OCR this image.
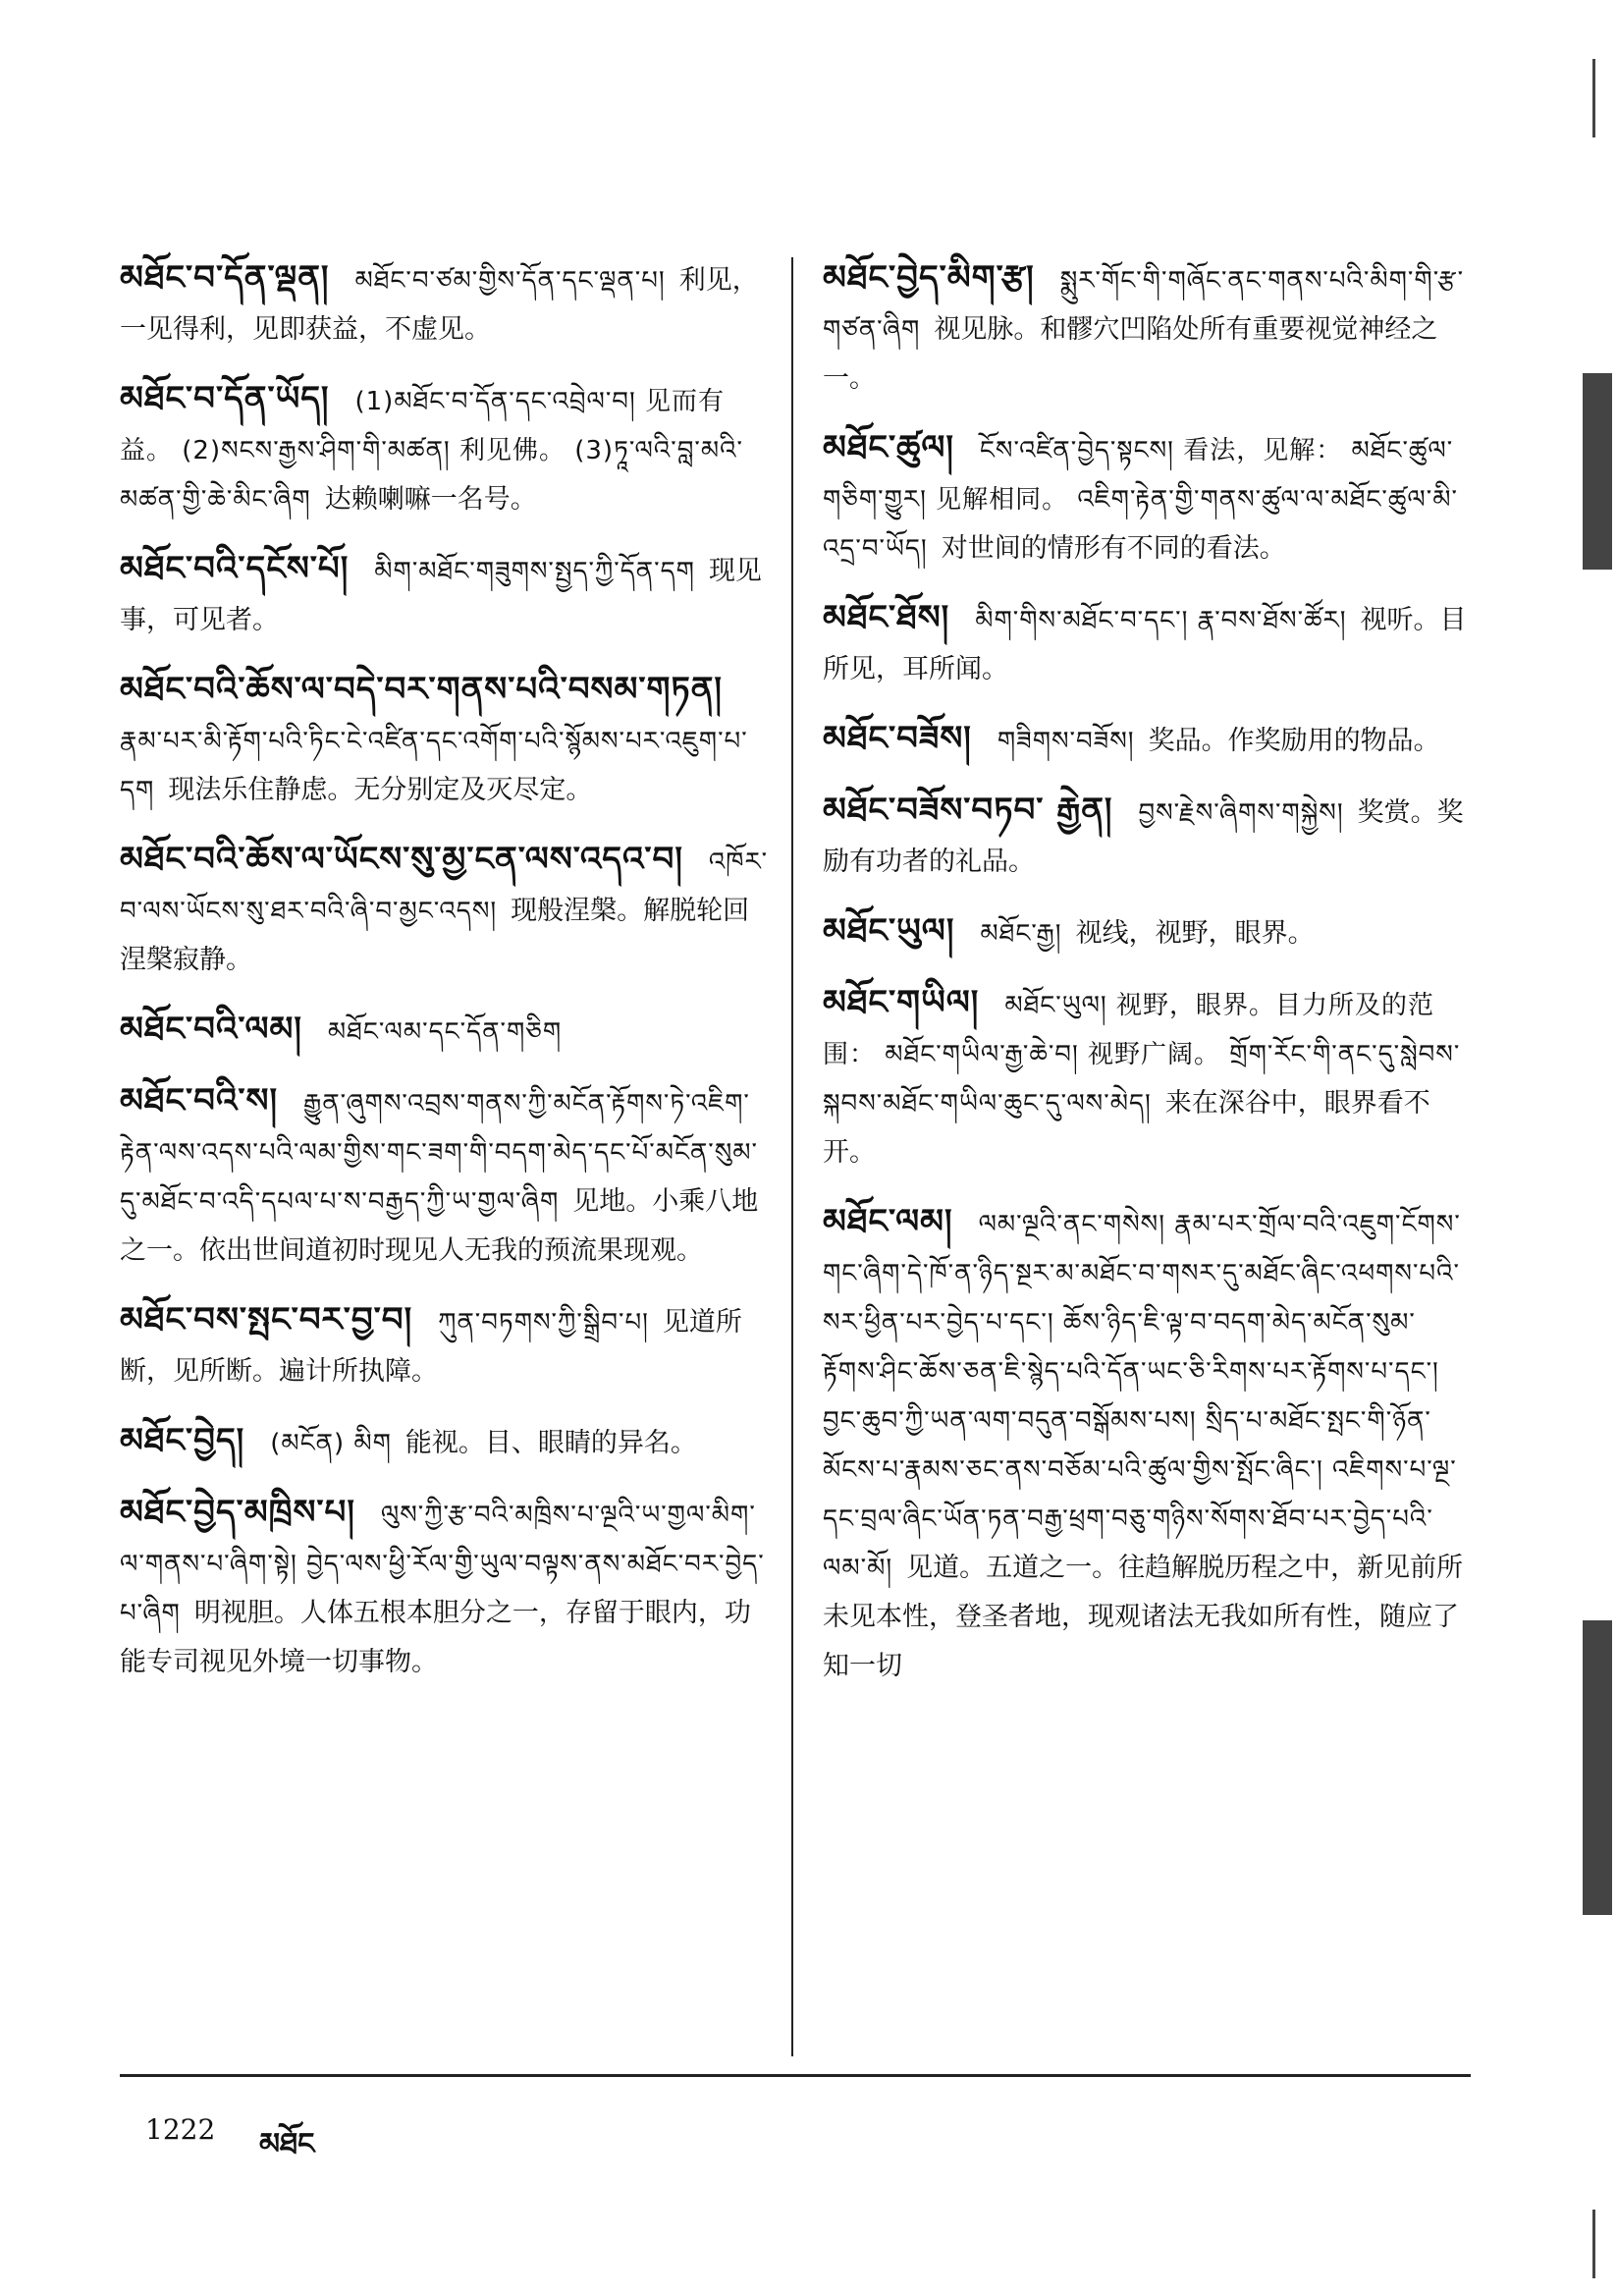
མཐོང་བ་དོན་ལྡན། མཐོང་བ་ཙམ་གྱིས་དོན་དང་ལྡན་པ། 利见，一见得利，见即获益，不虚见。
མཐོང་བ་དོན་ཡོད། (1)མཐོང་བ་དོན་དང་འབྲེལ་བ། 见而有益。 (2)སངས་རྒྱས་ཤིག་གི་མཚན། 利见佛。 (3)ཏཱ་ལའི་བླ་མའི་མཚན་གྱི་ཆེ་མིང་ཞིག 达赖喇嘛一名号。
མཐོང་བའི་དངོས་པོ། མིག་མཐོང་གཟུགས་སྤྱད་ཀྱི་དོན་དག 现见事，可见者。
མཐོང་བའི་ཆོས་ལ་བདེ་བར་གནས་པའི་བསམ་གཏན།རྣམ་པར་མི་རྟོག་པའི་ཏིང་ངེ་འཛིན་དང་འགོག་པའི་སྙོམས་པར་འཇུག་པ་དག 现法乐住静虑。无分别定及灭尽定。
མཐོང་བའི་ཆོས་ལ་ཡོངས་སུ་མྱ་ངན་ལས་འདའ་བ། འཁོར་བ་ལས་ཡོངས་སུ་ཐར་བའི་ཞི་བ་མྱང་འདས། 现般涅槃。解脱轮回涅槃寂静。
མཐོང་བའི་ལམ། མཐོང་ལམ་དང་དོན་གཅིག
མཐོང་བའི་ས། རྒྱུན་ཞུགས་འབྲས་གནས་ཀྱི་མངོན་རྟོགས་ཏེ་འཇིག་རྟེན་ལས་འདས་པའི་ལམ་གྱིས་གང་ཟག་གི་བདག་མེད་དང་པོ་མངོན་སུམ་དུ་མཐོང་བ་འདི་དཔལ་པ་ས་བརྒྱད་ཀྱི་ཡ་གྱལ་ཞིག 见地。小乘八地之一。依出世间道初时现见人无我的预流果现观。
མཐོང་བས་སྤང་བར་བྱ་བ། ཀུན་བཏགས་ཀྱི་སྒྲིབ་པ། 见道所断，见所断。遍计所执障。
མཐོང་བྱེད། (མངོན) མིག 能视。目、眼睛的异名。
མཐོང་བྱེད་མཁྲིས་པ། ལུས་ཀྱི་རྩ་བའི་མཁྲིས་པ་ལྔའི་ཡ་གྱལ་མིག་ལ་གནས་པ་ཞིག་སྟེ། བྱེད་ལས་ཕྱི་རོལ་གྱི་ཡུལ་བལྟས་ནས་མཐོང་བར་བྱེད་པ་ཞིག 明视胆。人体五根本胆分之一，存留于眼内，功能专司视见外境一切事物。
མཐོང་བྱེད་མིག་རྩ། སྨུར་གོང་གི་གཞོང་ནང་གནས་པའི་མིག་གི་རྩ་གཙན་ཞིག 视见脉。和髎穴凹陷处所有重要视觉神经之一。
མཐོང་ཚུལ། ངོས་འཛིན་བྱེད་སྟངས། 看法，见解： མཐོང་ཚུལ་གཅིག་གྱུར། 见解相同。 འཇིག་རྟེན་གྱི་གནས་ཚུལ་ལ་མཐོང་ཚུལ་མི་འདྲ་བ་ཡོད། 对世间的情形有不同的看法。
མཐོང་ཐོས། མིག་གིས་མཐོང་བ་དང་། རྣ་བས་ཐོས་ཚོར། 视听。目所见，耳所闻。
མཐོང་བཟོས། གཟིགས་བཟོས། 奖品。作奖励用的物品。
མཐོང་བཟོས་བཏབ་ རྒྱེན། བྱས་རྗེས་ཞིགས་གསྐྱེས། 奖赏。奖励有功者的礼品。
མཐོང་ཡུལ། མཐོང་རྒྱ། 视线，视野，眼界。
མཐོང་གཡིལ། མཐོང་ཡུལ། 视野，眼界。目力所及的范围： མཐོང་གཡིལ་རྒྱ་ཆེ་བ། 视野广阔。 གྲོག་རོང་གི་ནང་དུ་སླེབས་སྐབས་མཐོང་གཡིལ་ཆུང་དུ་ལས་མེད། 来在深谷中，眼界看不开。
མཐོང་ལམ། ལམ་ལྔའི་ནང་གསེས། རྣམ་པར་གྲོལ་བའི་འཇུག་ངོགས་གང་ཞིག་དེ་ཁོ་ན་ཉིད་སྔར་མ་མཐོང་བ་གསར་དུ་མཐོང་ཞིང་འཕགས་པའི་སར་ཕྱིན་པར་བྱེད་པ་དང་། ཆོས་ཉིད་ཇི་ལྟ་བ་བདག་མེད་མངོན་སུམ་རྟོགས་ཤིང་ཆོས་ཅན་ཇི་སྙེད་པའི་དོན་ཡང་ཅི་རིགས་པར་རྟོགས་པ་དང་། བྱང་ཆུབ་ཀྱི་ཡན་ལག་བདུན་བསྒོམས་པས། སྲིད་པ་མཐོང་སྤང་གི་ཉོན་མོངས་པ་རྣམས་ཅང་ནས་བཅོམ་པའི་ཚུལ་གྱིས་སྤོང་ཞིང་། འཇིགས་པ་ལྔ་དང་བྲལ་ཞིང་ཡོན་ཏན་བརྒྱ་ཕྲག་བཅུ་གཉིས་སོགས་ཐོབ་པར་བྱེད་པའི་ལམ་མོ། 见道。五道之一。往趋解脱历程之中，新见前所未见本性，登圣者地，现观诸法无我如所有性，随应了知一切
1222 མཐོང
